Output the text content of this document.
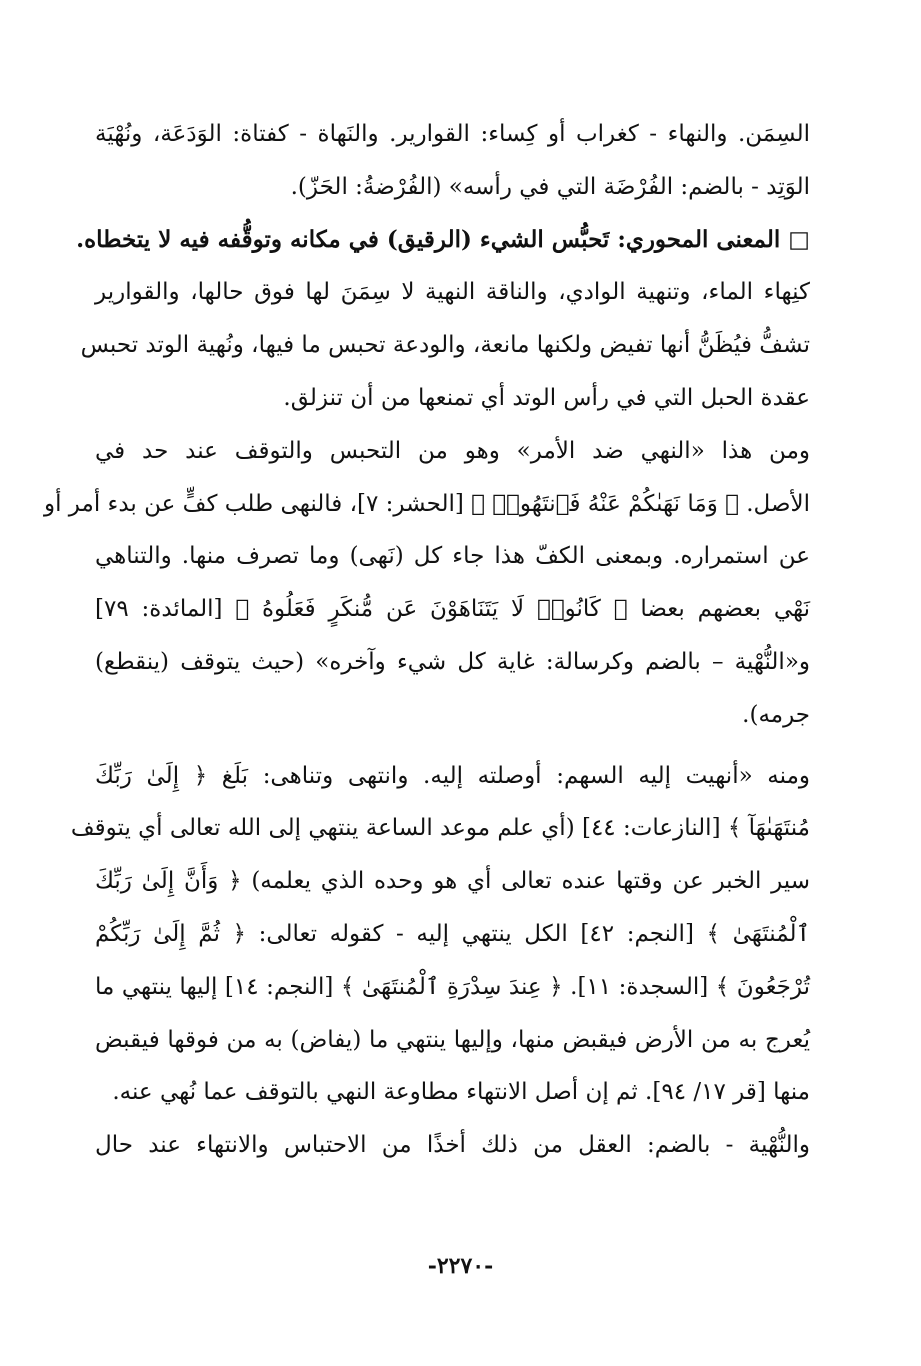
السِمَن. والنهاء - كغراب أو كِساء: القوارير. والنَهاة - كفتاة: الوَدَعَة، ونُهْيَة
الوَتِد - بالضم: الفُرْضَة التي في رأسه» (الفُرْضةُ: الحَزّ).
□ المعنى المحوري: تَحبُّس الشيء (الرقيق) في مكانه وتوقُّفه فيه لا يتخطاه.
كنِهاء الماء، وتنهية الوادي، والناقة النهية لا سِمَنَ لها فوق حالها، والقوارير
تشفُّ فيُظَنُّ أنها تفيض ولكنها مانعة، والودعة تحبس ما فيها، ونُهية الوتد تحبس
عقدة الحبل التي في رأس الوتد أي تمنعها من أن تنزلق.
ومن هذا «النهي ضد الأمر» وهو من التحبس والتوقف عند حد في
الأصل. ﴿ وَمَا نَهَىٰكُمْ عَنْهُ فَٱنتَهُوا۟ ﴾ [الحشر: ٧]، فالنهى طلب كفٍّ عن بدء أمر أو
عن استمراره. وبمعنى الكفّ هذا جاء كل (نَهى) وما تصرف منها. والتناهي
نَهْي بعضهم بعضا ﴿ كَانُوا۟ لَا يَتَنَاهَوْنَ عَن مُّنكَرٍ فَعَلُوهُ ﴾ [المائدة: ٧٩]
و«النُّهْية – بالضم وكرسالة: غاية كل شيء وآخره» (حيث يتوقف (ينقطع)
جرمه).
ومنه «أنهيت إليه السهم: أوصلته إليه. وانتهى وتناهى: بَلَغ ﴿ إِلَىٰ رَبِّكَ
مُنتَهَىٰهَآ ﴾ [النازعات: ٤٤] (أي علم موعد الساعة ينتهي إلى الله تعالى أي يتوقف
سير الخبر عن وقتها عنده تعالى أي هو وحده الذي يعلمه) ﴿ وَأَنَّ إِلَىٰ رَبِّكَ
ٱلْمُنتَهَىٰ ﴾ [النجم: ٤٢] الكل ينتهي إليه - كقوله تعالى: ﴿ ثُمَّ إِلَىٰ رَبِّكُمْ
تُرْجَعُونَ ﴾ [السجدة: ١١]. ﴿ عِندَ سِدْرَةِ ٱلْمُنتَهَىٰ ﴾ [النجم: ١٤] إليها ينتهي ما
يُعرج به من الأرض فيقبض منها، وإليها ينتهي ما (يفاض) به من فوقها فيقبض
منها [قر ١٧/ ٩٤]. ثم إن أصل الانتهاء مطاوعة النهي بالتوقف عما نُهي عنه.
والنُّهْية - بالضم: العقل من ذلك أخذًا من الاحتباس والانتهاء عند حال
-٢٢٧٠-
